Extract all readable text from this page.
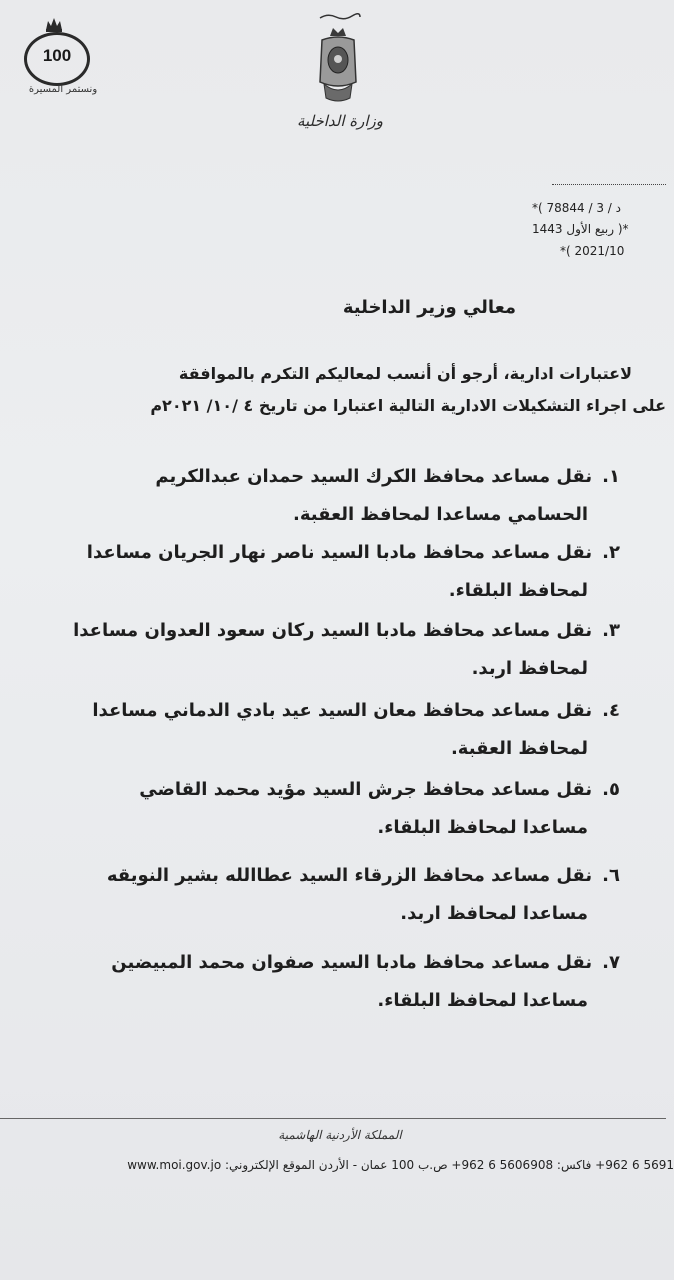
100
ونستمر المسيرة
وزارة الداخلية
*( 78844 / د / 3
ربيع الأول 1443 )*
*( 2021/10
معالي وزير الداخلية
لاعتبارات ادارية، أرجو أن أنسب لمعاليكم التكرم بالموافقة
على اجراء التشكيلات الادارية التالية اعتبارا من تاريخ ٤ /١٠/ ٢٠٢١م
١.نقل مساعد محافظ الكرك السيد حمدان عبدالكريم
الحسامي مساعدا لمحافظ العقبة.
٢.نقل مساعد محافظ مادبا السيد ناصر نهار الجريان مساعدا
لمحافظ البلقاء.
٣.نقل مساعد محافظ مادبا السيد ركان سعود العدوان مساعدا
لمحافظ اربد.
٤.نقل مساعد محافظ معان السيد عيد بادي الدماني مساعدا
لمحافظ العقبة.
٥.نقل مساعد محافظ جرش السيد مؤيد محمد القاضي
مساعدا لمحافظ البلقاء.
٦.نقل مساعد محافظ الزرقاء السيد عطاالله بشير النويقه
مساعدا لمحافظ اربد.
٧.نقل مساعد محافظ مادبا السيد صفوان محمد المبيضين
مساعدا لمحافظ البلقاء.
المملكة الأردنية الهاشمية
5691 6 962+ فاكس: 5606908 6 962+ ص.ب 100 عمان - الأردن الموقع الإلكتروني: www.moi.gov.jo
